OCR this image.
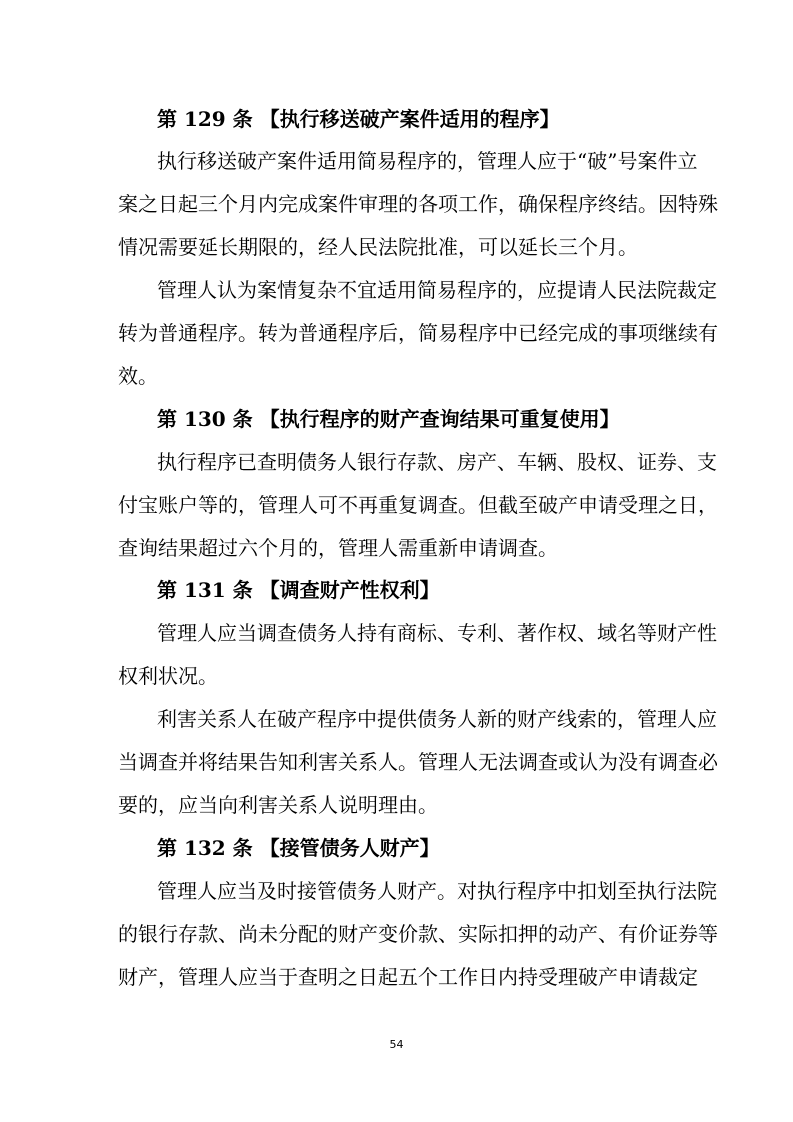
第 129 条 【执行移送破产案件适用的程序】
执行移送破产案件适用简易程序的，管理人应于“破”号案件立
案之日起三个月内完成案件审理的各项工作，确保程序终结。因特殊
情况需要延长期限的，经人民法院批准，可以延长三个月。
管理人认为案情复杂不宜适用简易程序的，应提请人民法院裁定
转为普通程序。转为普通程序后，简易程序中已经完成的事项继续有
效。
第 130 条 【执行程序的财产查询结果可重复使用】
执行程序已查明债务人银行存款、房产、车辆、股权、证券、支
付宝账户等的，管理人可不再重复调查。但截至破产申请受理之日，
查询结果超过六个月的，管理人需重新申请调查。
第 131 条 【调查财产性权利】
管理人应当调查债务人持有商标、专利、著作权、域名等财产性
权利状况。
利害关系人在破产程序中提供债务人新的财产线索的，管理人应
当调查并将结果告知利害关系人。管理人无法调查或认为没有调查必
要的，应当向利害关系人说明理由。
第 132 条 【接管债务人财产】
管理人应当及时接管债务人财产。对执行程序中扣划至执行法院
的银行存款、尚未分配的财产变价款、实际扣押的动产、有价证券等
财产，管理人应当于查明之日起五个工作日内持受理破产申请裁定
54
